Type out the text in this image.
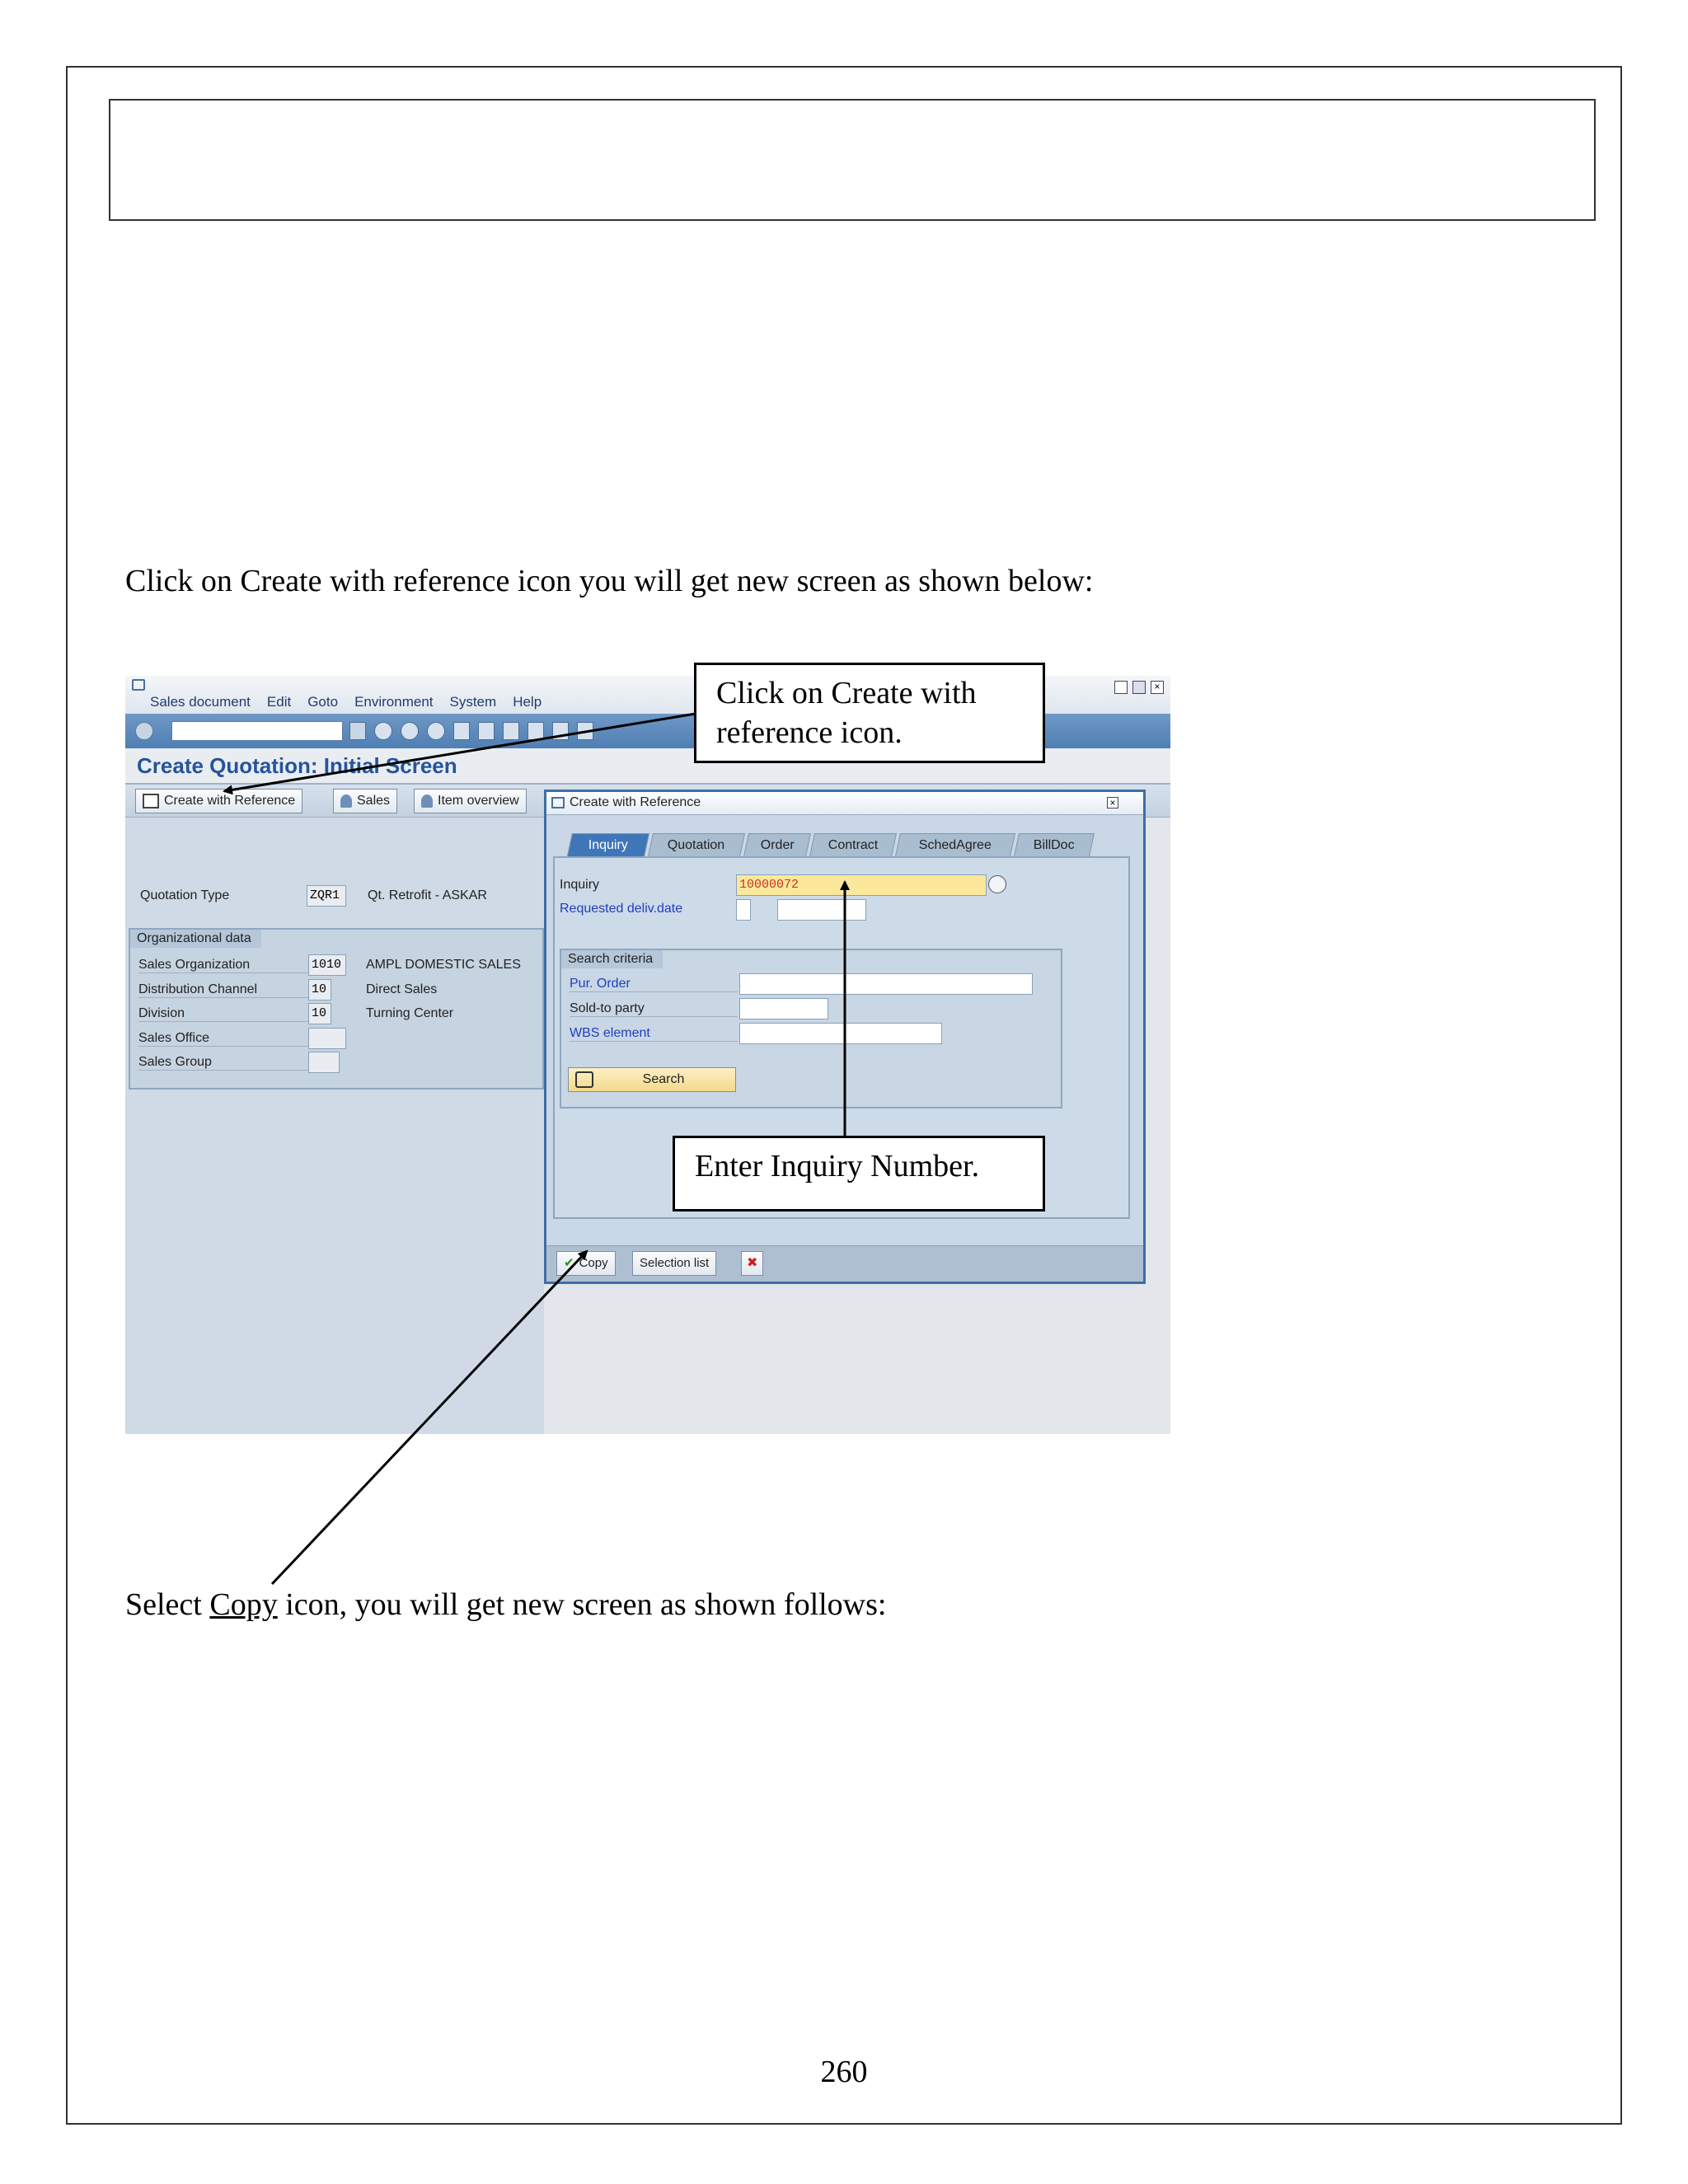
Click on Create with reference icon you will get new screen as shown below:
Sales document Edit Goto Environment System Help
×
Create Quotation: Initial Screen
Create with Reference	Sales	Item overview
Quotation Type	ZQR1	Qt. Retrofit - ASKAR
Organizational data
Sales Organization	1010	AMPL DOMESTIC SALES
Distribution Channel	10	Direct Sales
Division	10	Turning Center
Sales Office
Sales Group
Create with Reference	×
Inquiry	Quotation	Order	Contract	SchedAgree	BillDoc
Inquiry	10000072
Requested deliv.date
Search criteria
Pur. Order
Sold-to party
WBS element
Search
✔ Copy	Selection list	✖
Click on Create with reference icon.
Enter Inquiry Number.
Select Copy icon, you will get new screen as shown follows:
260
